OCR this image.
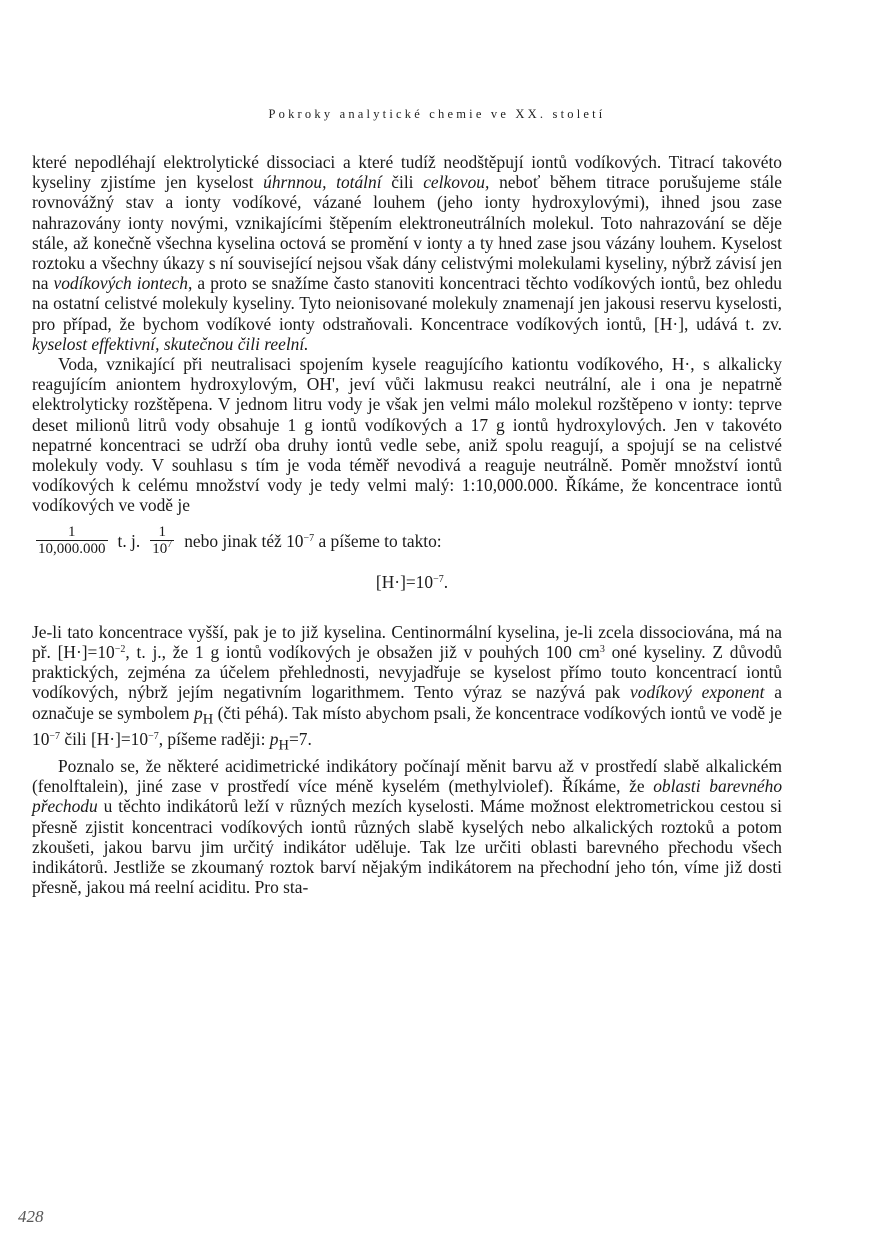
Pokroky analytické chemie ve XX. století

které nepodléhají elektrolytické dissociaci a které tudíž neodštěpují iontů vodíkových. Titrací takovéto kyseliny zjistíme jen kyselost úhrnnou, totální čili celkovou, neboť během titrace porušujeme stále rovnovážný stav a ionty vodíkové, vázané louhem (jeho ionty hydroxylovými), ihned jsou zase nahrazovány ionty novými, vznikajícími štěpením elektroneutrálních molekul. Toto nahrazování se děje stále, až konečně všechna kyselina octová se promění v ionty a ty hned zase jsou vázány louhem. Kyselost roztoku a všechny úkazy s ní související nejsou však dány celistvými molekulami kyseliny, nýbrž závisí jen na vodíkových iontech, a proto se snažíme často stanoviti koncentraci těchto vodíkových iontů, bez ohledu na ostatní celistvé molekuly kyseliny. Tyto neionisované molekuly znamenají jen jakousi reservu kyselosti, pro případ, že bychom vodíkové ionty odstraňovali. Koncentrace vodíkových iontů, [H·], udává t. zv. kyselost effektivní, skutečnou čili reelní.

Voda, vznikající při neutralisaci spojením kysele reagujícího kationtu vodíkového, H·, s alkalicky reagujícím aniontem hydroxylovým, OH', jeví vůči lakmusu reakci neutrální, ale i ona je nepatrně elektrolyticky rozštěpena. V jednom litru vody je však jen velmi málo molekul rozštěpeno v ionty: teprve deset milionů litrů vody obsahuje 1 g iontů vodíkových a 17 g iontů hydroxylových. Jen v takovéto nepatrné koncentraci se udrží oba druhy iontů vedle sebe, aniž spolu reagují, a spojují se na celistvé molekuly vody. V souhlasu s tím je voda téměř nevodivá a reaguje neutrálně. Poměr množství iontů vodíkových k celému množství vody je tedy velmi malý: 1:10,000.000. Říkáme, že koncentrace iontů vodíkových ve vodě je

$\frac{1}{10,000.000} t$. j. $\frac{1}{10^7}$ nebo jinak též $10^{-7}$ a píšeme to takto:
$[H\cdot]=10^{-7}$.

Je-li tato koncentrace vyšší, pak je to již kyselina. Centinormální kyselina, je-li zcela dissociována, má na př. $[H\cdot]=10^{-2}$, t. j., že 1 g iontů vodíkových je obsažen již v pouhých 100 $cm^3$ oné kyseliny. Z důvodů praktických, zejména za účelem přehlednosti, nevyjadřuje se kyselost přímo touto koncentrací iontů vodíkových, nýbrž jejím negativním logarithmem. Tento výraz se nazývá pak vodíkový exponent a označuje se symbolem $p_H$ (čti péhá). Tak místo abychom psali, že koncentrace vodíkových iontů ve vodě je $10^{-7}$ čili $[H\cdot]=10^{-7}$, píšeme raději: $p_H=7$.

Poznalo se, že některé acidimetrické indikátory počínají měnit barvu až v prostředí slabě alkalickém (fenolftalein), jiné zase v prostředí více méně kyselém (methylviolef). Říkáme, že oblasti barevného přechodu u těchto indikátorů leží v různých mezích kyselosti. Máme možnost elektrometrickou cestou si přesně zjistit koncentraci vodíkových iontů různých slabě kyselých nebo alkalických roztoků a potom zkoušeti, jakou barvu jim určitý indikátor uděluje. Tak lze určiti oblasti barevného přechodu všech indikátorů. Jestliže se zkoumaný roztok barví nějakým indikátorem na přechodní jeho tón, víme již dosti přesně, jakou má reelní aciditu. Pro sta-

428
